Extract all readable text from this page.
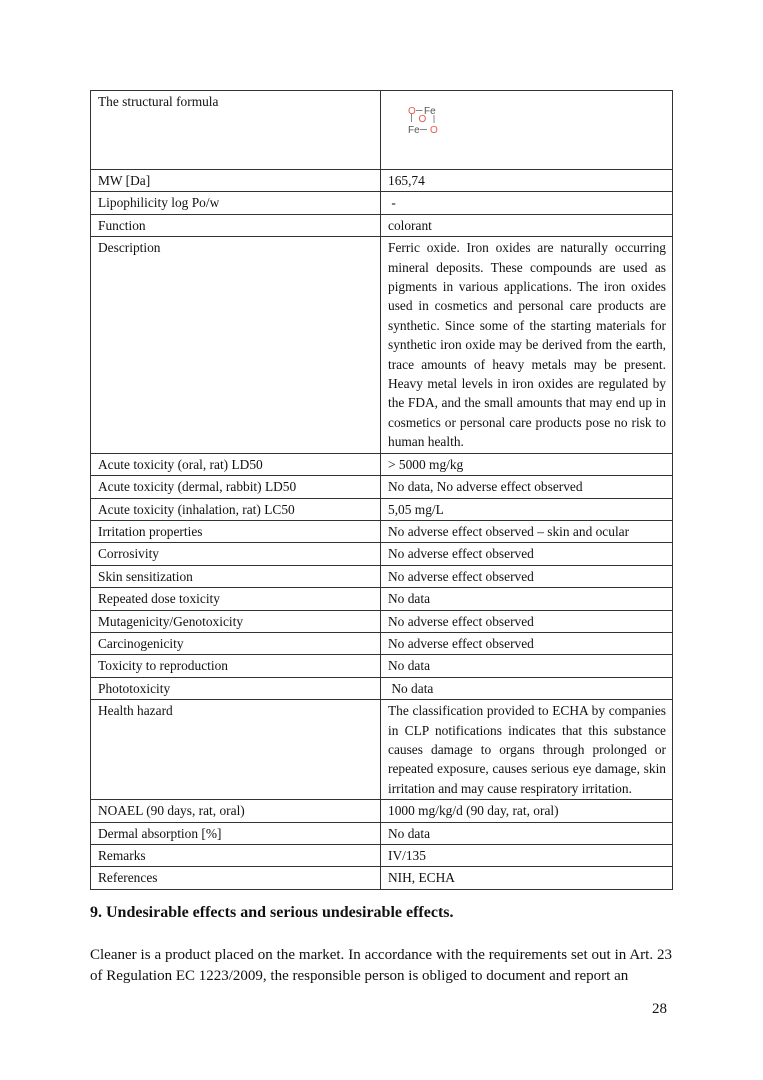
The structural formula	O Fe
O
Fe O

MW [Da]	165,74
Lipophilicity log Po/w	-
Function	colorant
Description	Ferric oxide. Iron oxides are naturally occurring mineral deposits. These compounds are used as pigments in various applications. The iron oxides used in cosmetics and personal care products are synthetic. Since some of the starting materials for synthetic iron oxide may be derived from the earth, trace amounts of heavy metals may be present. Heavy metal levels in iron oxides are regulated by the FDA, and the small amounts that may end up in cosmetics or personal care products pose no risk to human health.
Acute toxicity (oral, rat) LD50	> 5000 mg/kg
Acute toxicity (dermal, rabbit) LD50	No data, No adverse effect observed
Acute toxicity (inhalation, rat) LC50	5,05 mg/L
Irritation properties	No adverse effect observed – skin and ocular
Corrosivity	No adverse effect observed
Skin sensitization	No adverse effect observed
Repeated dose toxicity	No data
Mutagenicity/Genotoxicity	No adverse effect observed
Carcinogenicity	No adverse effect observed
Toxicity to reproduction	No data
Phototoxicity	No data
Health hazard	The classification provided to ECHA by companies in CLP notifications indicates that this substance causes damage to organs through prolonged or repeated exposure, causes serious eye damage, skin irritation and may cause respiratory irritation.
NOAEL (90 days, rat, oral)	1000 mg/kg/d (90 day, rat, oral)
Dermal absorption [%]	No data
Remarks	IV/135
References	NIH, ECHA
9. Undesirable effects and serious undesirable effects.

Cleaner is a product placed on the market. In accordance with the requirements set out in Art. 23 of Regulation EC 1223/2009, the responsible person is obliged to document and report an

28
